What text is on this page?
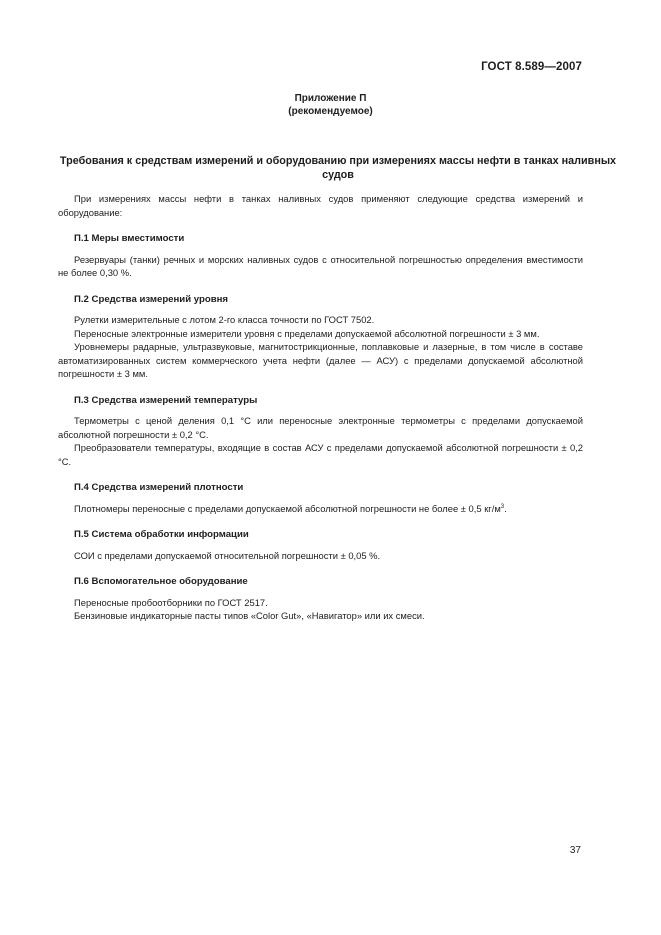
ГОСТ 8.589—2007
Приложение П
(рекомендуемое)
Требования к средствам измерений и оборудованию при измерениях массы нефти в танках наливных судов

При измерениях массы нефти в танках наливных судов применяют следующие средства измерений и оборудование:

П.1 Меры вместимости

Резервуары (танки) речных и морских наливных судов с относительной погрешностью определения вместимости не более 0,30 %.

П.2 Средства измерений уровня

Рулетки измерительные с лотом 2-го класса точности по ГОСТ 7502.

Переносные электронные измерители уровня с пределами допускаемой абсолютной погрешности ± 3 мм.

Уровнемеры радарные, ультразвуковые, магнитострикционные, поплавковые и лазерные, в том числе в составе автоматизированных систем коммерческого учета нефти (далее — АСУ) с пределами допускаемой абсолютной погрешности ± 3 мм.

П.3 Средства измерений температуры

Термометры с ценой деления 0,1 °С или переносные электронные термометры с пределами допускаемой абсолютной погрешности ± 0,2 °С.

Преобразователи температуры, входящие в состав АСУ с пределами допускаемой абсолютной погрешности ± 0,2 °С.

П.4 Средства измерений плотности

Плотномеры переносные с пределами допускаемой абсолютной погрешности не более ± 0,5 $кг/м^3$.

П.5 Система обработки информации

СОИ с пределами допускаемой относительной погрешности ± 0,05 %.

П.6 Вспомогательное оборудование

Переносные пробоотборники по ГОСТ 2517.

Бензиновые индикаторные пасты типов «Color Gut», «Навигатор» или их смеси.

37
